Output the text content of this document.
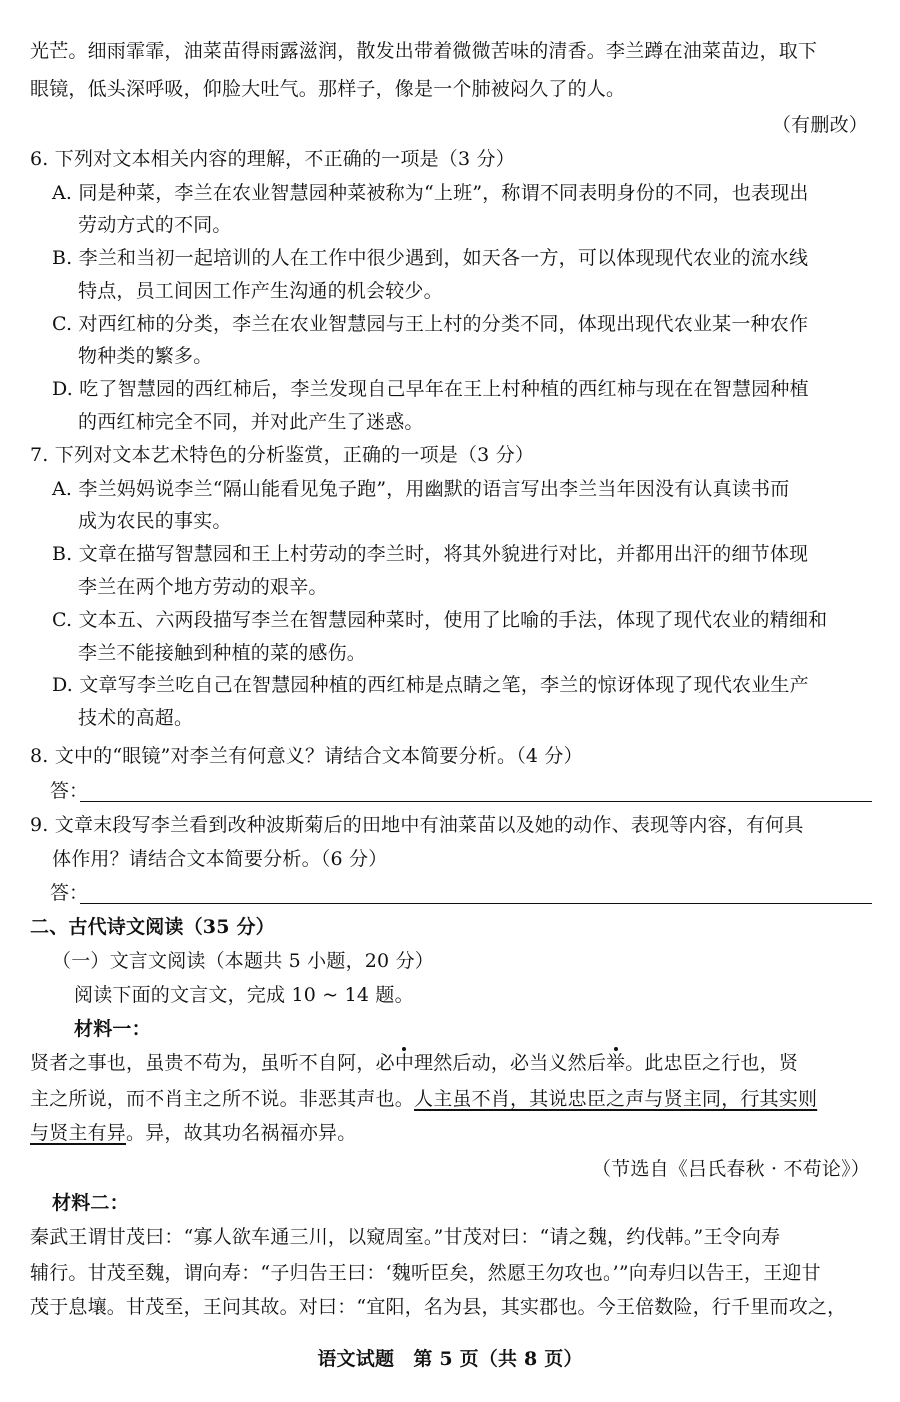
光芒。细雨霏霏，油菜苗得雨露滋润，散发出带着微微苦味的清香。李兰蹲在油菜苗边，取下
眼镜，低头深呼吸，仰脸大吐气。那样子，像是一个肺被闷久了的人。
（有删改）
6. 下列对文本相关内容的理解，不正确的一项是（3 分）
A. 同是种菜，李兰在农业智慧园种菜被称为“上班”，称谓不同表明身份的不同，也表现出
劳动方式的不同。
B. 李兰和当初一起培训的人在工作中很少遇到，如天各一方，可以体现现代农业的流水线
特点，员工间因工作产生沟通的机会较少。
C. 对西红柿的分类，李兰在农业智慧园与王上村的分类不同，体现出现代农业某一种农作
物种类的繁多。
D. 吃了智慧园的西红柿后，李兰发现自己早年在王上村种植的西红柿与现在在智慧园种植
的西红柿完全不同，并对此产生了迷惑。
7. 下列对文本艺术特色的分析鉴赏，正确的一项是（3 分）
A. 李兰妈妈说李兰“隔山能看见兔子跑”，用幽默的语言写出李兰当年因没有认真读书而
成为农民的事实。
B. 文章在描写智慧园和王上村劳动的李兰时，将其外貌进行对比，并都用出汗的细节体现
李兰在两个地方劳动的艰辛。
C. 文本五、六两段描写李兰在智慧园种菜时，使用了比喻的手法，体现了现代农业的精细和
李兰不能接触到种植的菜的感伤。
D. 文章写李兰吃自己在智慧园种植的西红柿是点睛之笔，李兰的惊讶体现了现代农业生产
技术的高超。
8. 文中的“眼镜”对李兰有何意义？请结合文本简要分析。（4 分）
答：
9. 文章末段写李兰看到改种波斯菊后的田地中有油菜苗以及她的动作、表现等内容，有何具
体作用？请结合文本简要分析。（6 分）
答：
二、古代诗文阅读（35 分）
（一）文言文阅读（本题共 5 小题，20 分）
阅读下面的文言文，完成 10 ~ 14 题。
材料一：
贤者之事也，虽贵不苟为，虽听不自阿，必中理然后动，必当义然后举。此忠臣之行也，贤
主之所说，而不肖主之所不说。非恶其声也。人主虽不肖，其说忠臣之声与贤主同，行其实则
与贤主有异。异，故其功名祸福亦异。
（节选自《吕氏春秋 · 不苟论》）
材料二：
秦武王谓甘茂曰：“寡人欲车通三川，以窥周室。”甘茂对曰：“请之魏，约伐韩。”王令向寿
辅行。甘茂至魏，谓向寿：“子归告王曰：‘魏听臣矣，然愿王勿攻也。’”向寿归以告王，王迎甘
茂于息壤。甘茂至，王问其故。对曰：“宜阳，名为县，其实郡也。今王倍数险，行千里而攻之，
语文试题　第 5 页（共 8 页）
